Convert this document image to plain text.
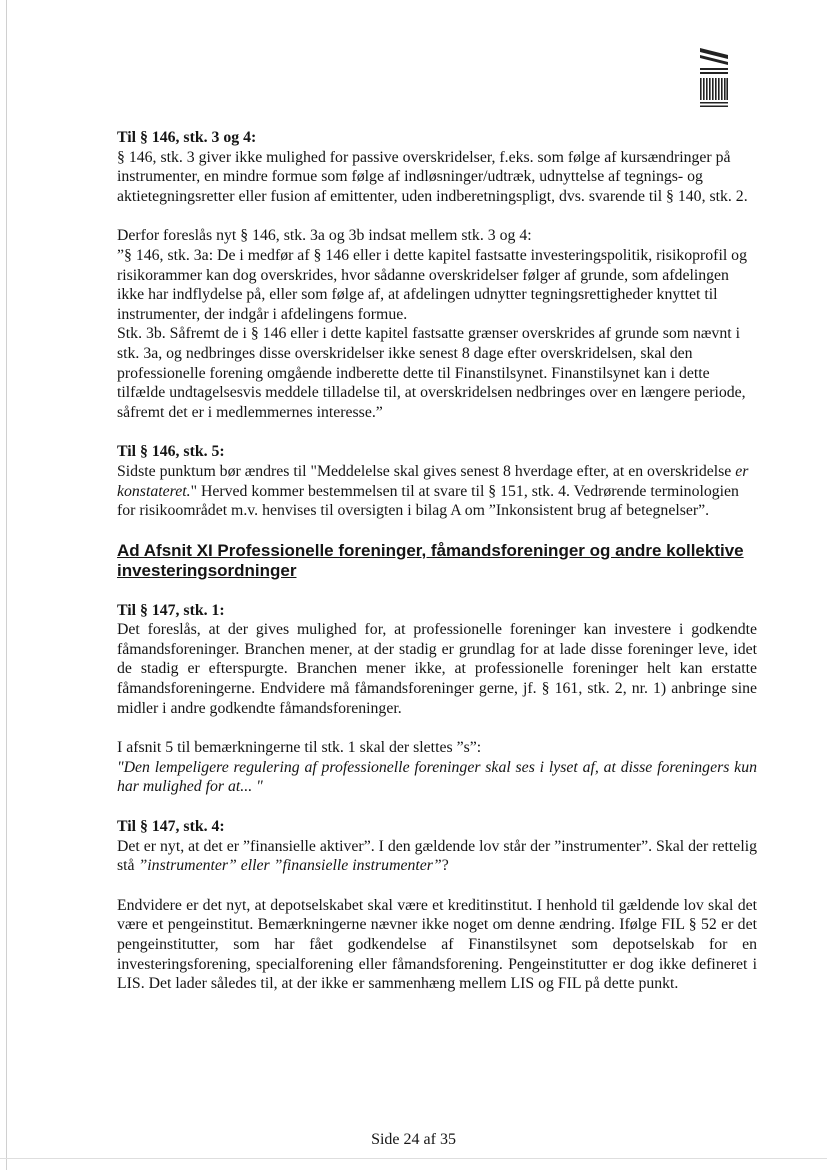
Til § 146, stk. 3 og 4:

§ 146, stk. 3 giver ikke mulighed for passive overskridelser, f.eks. som følge af kursændringer på instrumenter, en mindre formue som følge af indløsninger/udtræk, udnyttelse af tegnings- og aktietegningsretter eller fusion af emittenter, uden indberetningspligt, dvs. svarende til § 140, stk. 2.

Derfor foreslås nyt § 146, stk. 3a og 3b indsat mellem stk. 3 og 4:

”§ 146, stk. 3a: De i medfør af § 146 eller i dette kapitel fastsatte investeringspolitik, risikoprofil og risikorammer kan dog overskrides, hvor sådanne overskridelser følger af grunde, som afdelingen ikke har indflydelse på, eller som følge af, at afdelingen udnytter tegningsrettigheder knyttet til instrumenter, der indgår i afdelingens formue.

Stk. 3b. Såfremt de i § 146 eller i dette kapitel fastsatte grænser overskrides af grunde som nævnt i stk. 3a, og nedbringes disse overskridelser ikke senest 8 dage efter overskridelsen, skal den professionelle forening omgående indberette dette til Finanstilsynet. Finanstilsynet kan i dette tilfælde undtagelsesvis meddele tilladelse til, at overskridelsen nedbringes over en længere periode, såfremt det er i medlemmernes interesse.”

Til § 146, stk. 5:

Sidste punktum bør ændres til "Meddelelse skal gives senest 8 hverdage efter, at en overskridelse er konstateret." Herved kommer bestemmelsen til at svare til § 151, stk. 4. Vedrørende terminologien for risikoområdet m.v. henvises til oversigten i bilag A om ”Inkonsistent brug af betegnelser”.

Ad Afsnit XI Professionelle foreninger, fåmandsforeninger og andre kollektive investeringsordninger

Til § 147, stk. 1:

Det foreslås, at der gives mulighed for, at professionelle foreninger kan investere i godkendte fåmandsforeninger. Branchen mener, at der stadig er grundlag for at lade disse foreninger leve, idet de stadig er efterspurgte. Branchen mener ikke, at professionelle foreninger helt kan erstatte fåmandsforeningerne. Endvidere må fåmandsforeninger gerne, jf. § 161, stk. 2, nr. 1) anbringe sine midler i andre godkendte fåmandsforeninger.

I afsnit 5 til bemærkningerne til stk. 1 skal der slettes ”s”:

"Den lempeligere regulering af professionelle foreninger skal ses i lyset af, at disse foreningers kun har mulighed for at... "

Til § 147, stk. 4:

Det er nyt, at det er ”finansielle aktiver”. I den gældende lov står der ”instrumenter”. Skal der rettelig stå ”instrumenter” eller ”finansielle instrumenter”?

Endvidere er det nyt, at depotselskabet skal være et kreditinstitut. I henhold til gældende lov skal det være et pengeinstitut. Bemærkningerne nævner ikke noget om denne ændring. Ifølge FIL § 52 er det pengeinstitutter, som har fået godkendelse af Finanstilsynet som depotselskab for en investeringsforening, specialforening eller fåmandsforening. Pengeinstitutter er dog ikke defineret i LIS. Det lader således til, at der ikke er sammenhæng mellem LIS og FIL på dette punkt.

Side 24 af 35
